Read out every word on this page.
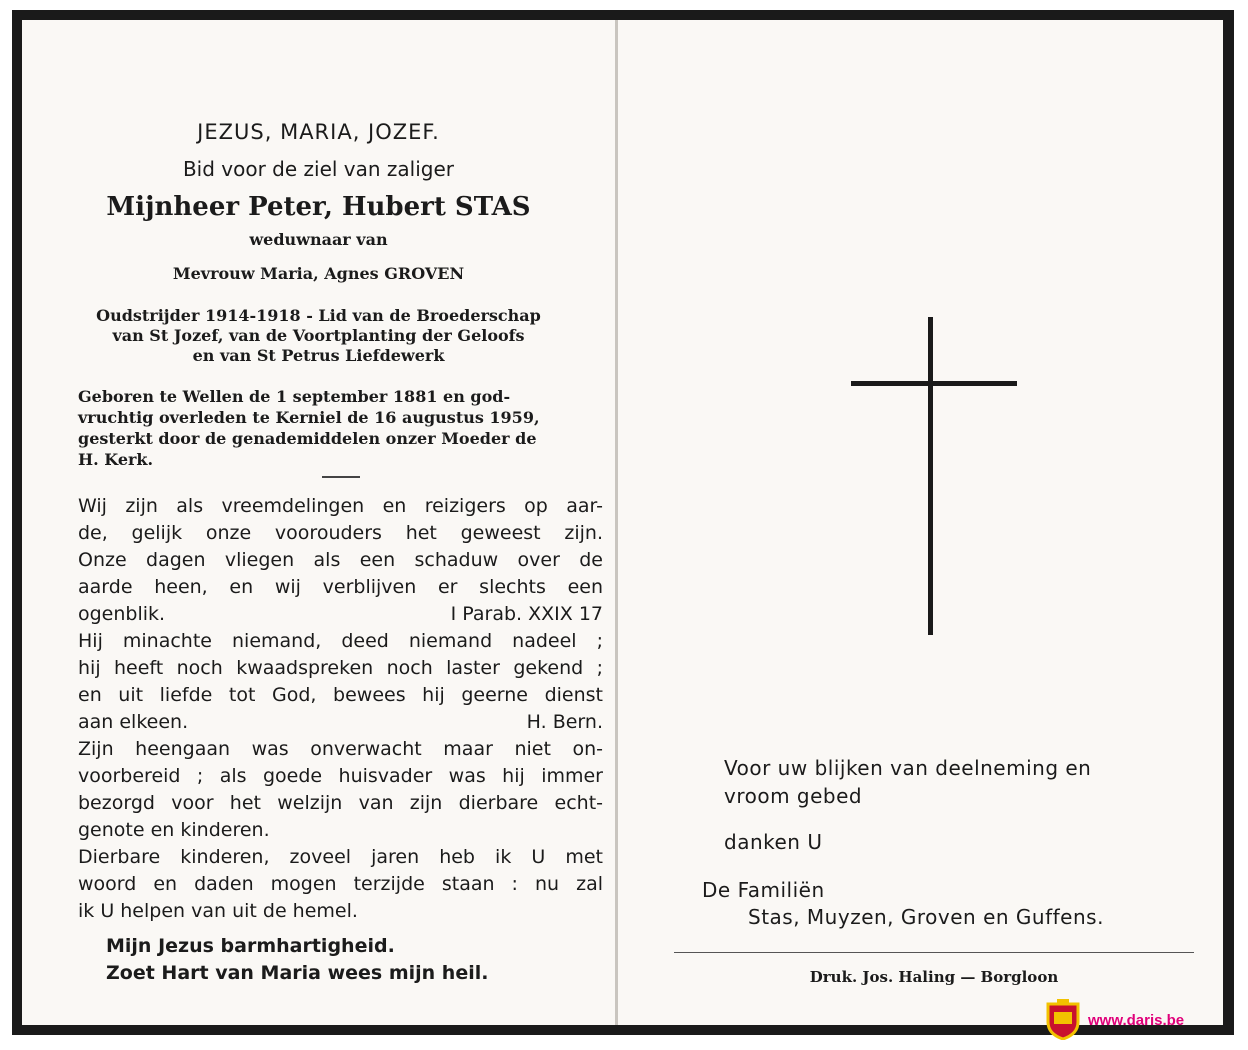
JEZUS, MARIA, JOZEF.
Bid voor de ziel van zaliger
Mijnheer Peter, Hubert STAS
weduwnaar van
Mevrouw Maria, Agnes GROVEN
Oudstrijder 1914-1918 - Lid van de Broederschap
van St Jozef, van de Voortplanting der Geloofs
en van St Petrus Liefdewerk
Geboren te Wellen de 1 september 1881 en god-
vruchtig overleden te Kerniel de 16 augustus 1959,
gesterkt door de genademiddelen onzer Moeder de
H. Kerk.
Wij zijn als vreemdelingen en reizigers op aar-
de, gelijk onze voorouders het geweest zijn.
Onze dagen vliegen als een schaduw over de
aarde heen, en wij verblijven er slechts een
ogenblik.	I Parab. XXIX 17
Hij minachte niemand, deed niemand nadeel ;
hij heeft noch kwaadspreken noch laster gekend ;
en uit liefde tot God, bewees hij geerne dienst
aan elkeen.	H. Bern.
Zijn heengaan was onverwacht maar niet on-
voorbereid ; als goede huisvader was hij immer
bezorgd voor het welzijn van zijn dierbare echt-
genote en kinderen.
Dierbare kinderen, zoveel jaren heb ik U met
woord en daden mogen terzijde staan : nu zal
ik U helpen van uit de hemel.
Mijn Jezus barmhartigheid.
Zoet Hart van Maria wees mijn heil.
Voor uw blijken van deelneming en
vroom gebed
danken U
De Familiën
Stas, Muyzen, Groven en Guffens.
Druk. Jos. Haling — Borgloon
www.daris.be
